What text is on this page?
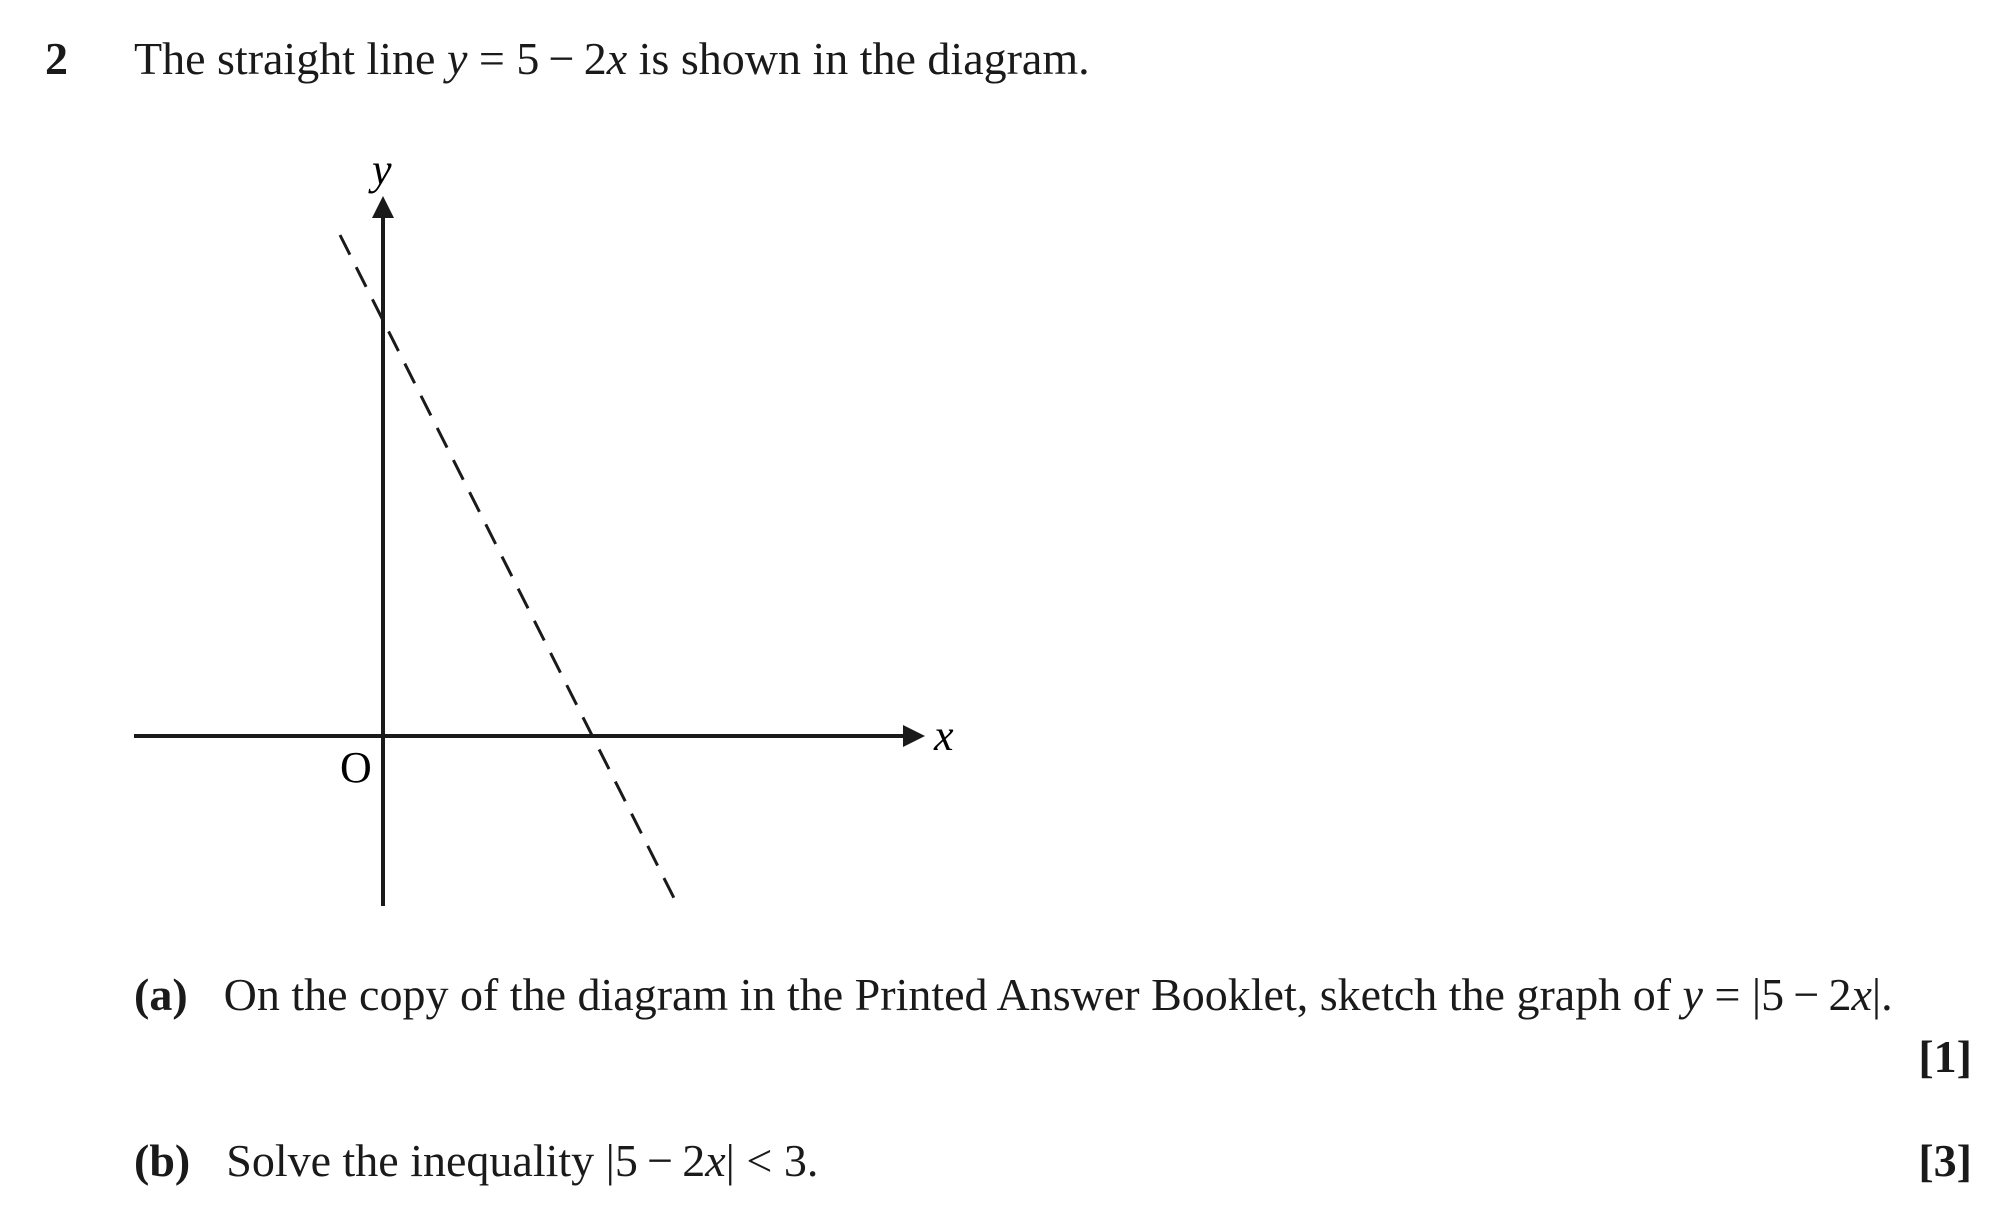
2 The straight line y = 5 − 2x is shown in the diagram.
y
x
O
(a) On the copy of the diagram in the Printed Answer Booklet, sketch the graph of y = |5 − 2x|.
[1]
(b) Solve the inequality |5 − 2x| < 3.	[3]
